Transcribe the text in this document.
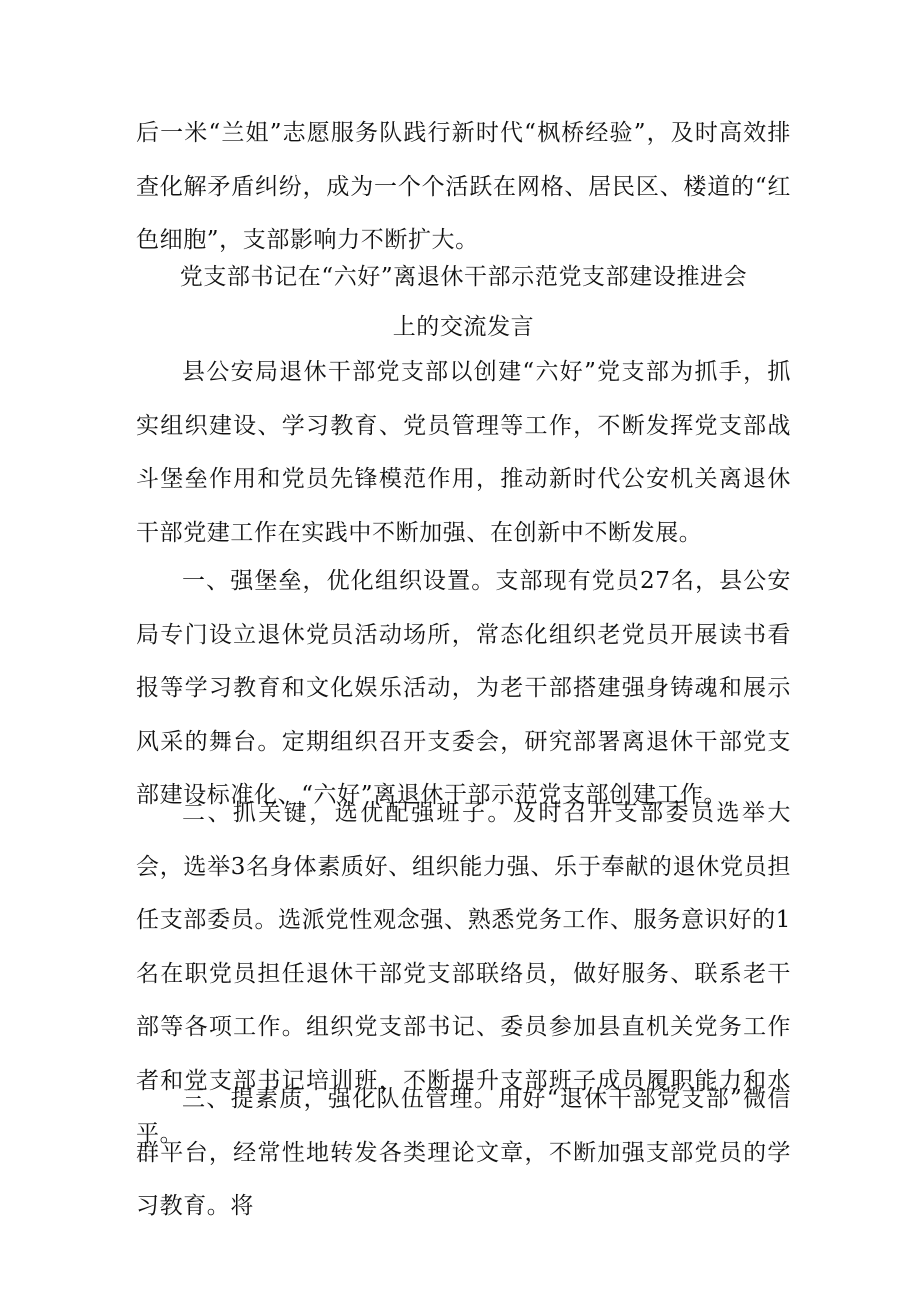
后一米“兰姐”志愿服务队践行新时代“枫桥经验”，及时高效排查化解矛盾纠纷，成为一个个活跃在网格、居民区、楼道的“红色细胞”，支部影响力不断扩大。

党支部书记在“六好”离退休干部示范党支部建设推进会

上的交流发言

县公安局退休干部党支部以创建“六好”党支部为抓手，抓实组织建设、学习教育、党员管理等工作，不断发挥党支部战斗堡垒作用和党员先锋模范作用，推动新时代公安机关离退休干部党建工作在实践中不断加强、在创新中不断发展。

一、强堡垒，优化组织设置。支部现有党员27名，县公安局专门设立退休党员活动场所，常态化组织老党员开展读书看报等学习教育和文化娱乐活动，为老干部搭建强身铸魂和展示风采的舞台。定期组织召开支委会，研究部署离退休干部党支部建设标准化、“六好”离退休干部示范党支部创建工作。

二、抓关键，选优配强班子。及时召开支部委员选举大会，选举3名身体素质好、组织能力强、乐于奉献的退休党员担任支部委员。选派党性观念强、熟悉党务工作、服务意识好的1名在职党员担任退休干部党支部联络员，做好服务、联系老干部等各项工作。组织党支部书记、委员参加县直机关党务工作者和党支部书记培训班，不断提升支部班子成员履职能力和水平。

三、提素质，强化队伍管理。用好“退休干部党支部”微信群平台，经常性地转发各类理论文章，不断加强支部党员的学习教育。将
